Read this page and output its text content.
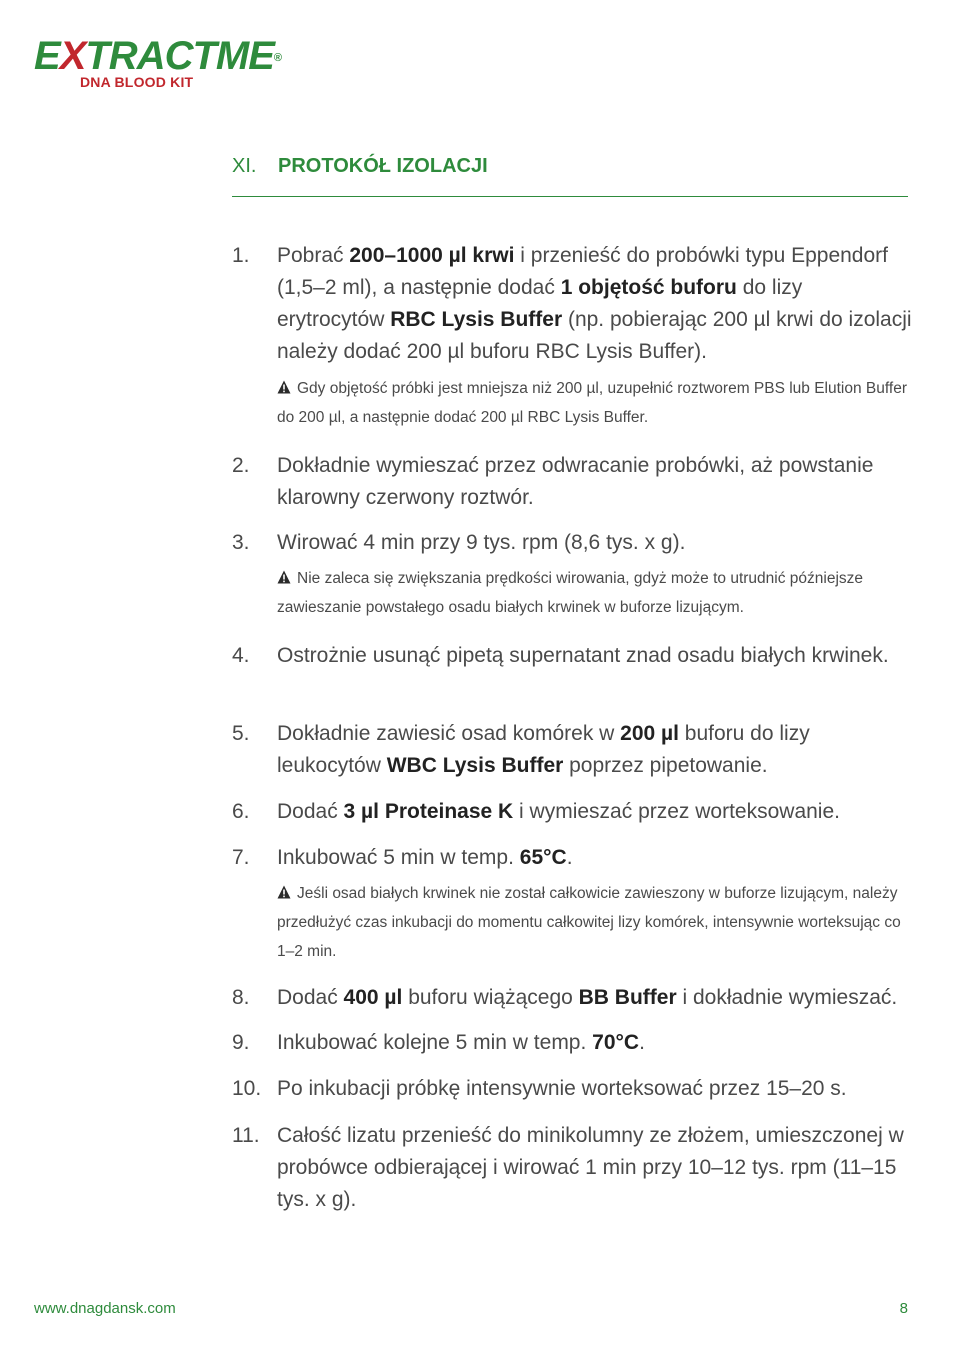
EXTRACTME®
DNA BLOOD KIT
XI. PROTOKÓŁ IZOLACJI
1.	Pobrać 200–1000 µl krwi i przenieść do probówki typu Eppendorf (1,5–2 ml), a następnie dodać 1 objętość buforu do lizy erytrocytów RBC Lysis Buffer (np. pobierając 200 µl krwi do izolacji należy dodać 200 µl buforu RBC Lysis Buffer).
Gdy objętość próbki jest mniejsza niż 200 µl, uzupełnić roztworem PBS lub Elution Buffer do 200 µl, a następnie dodać 200 µl RBC Lysis Buffer.
2.	Dokładnie wymieszać przez odwracanie probówki, aż powstanie klarowny czerwony roztwór.
3.	Wirować 4 min przy 9 tys. rpm (8,6 tys. x g).
Nie zaleca się zwiększania prędkości wirowania, gdyż może to utrudnić późniejsze zawieszanie powstałego osadu białych krwinek w buforze lizującym.
4.	Ostrożnie usunąć pipetą supernatant znad osadu białych krwinek.
5.	Dokładnie zawiesić osad komórek w 200 µl buforu do lizy leukocytów WBC Lysis Buffer poprzez pipetowanie.
6.	Dodać 3 µl Proteinase K i wymieszać przez worteksowanie.
7.	Inkubować 5 min w temp. 65°C.
Jeśli osad białych krwinek nie został całkowicie zawieszony w buforze lizującym, należy przedłużyć czas inkubacji do momentu całkowitej lizy komórek, intensywnie worteksując co 1–2 min.
8.	Dodać 400 µl buforu wiążącego BB Buffer i dokładnie wymieszać.
9.	Inkubować kolejne 5 min w temp. 70°C.
10. Po inkubacji próbkę intensywnie worteksować przez 15–20 s.
11. Całość lizatu przenieść do minikolumny ze złożem, umieszczonej w probówce odbierającej i wirować 1 min przy 10–12 tys. rpm (11–15 tys. x g).
www.dnagdansk.com	8
